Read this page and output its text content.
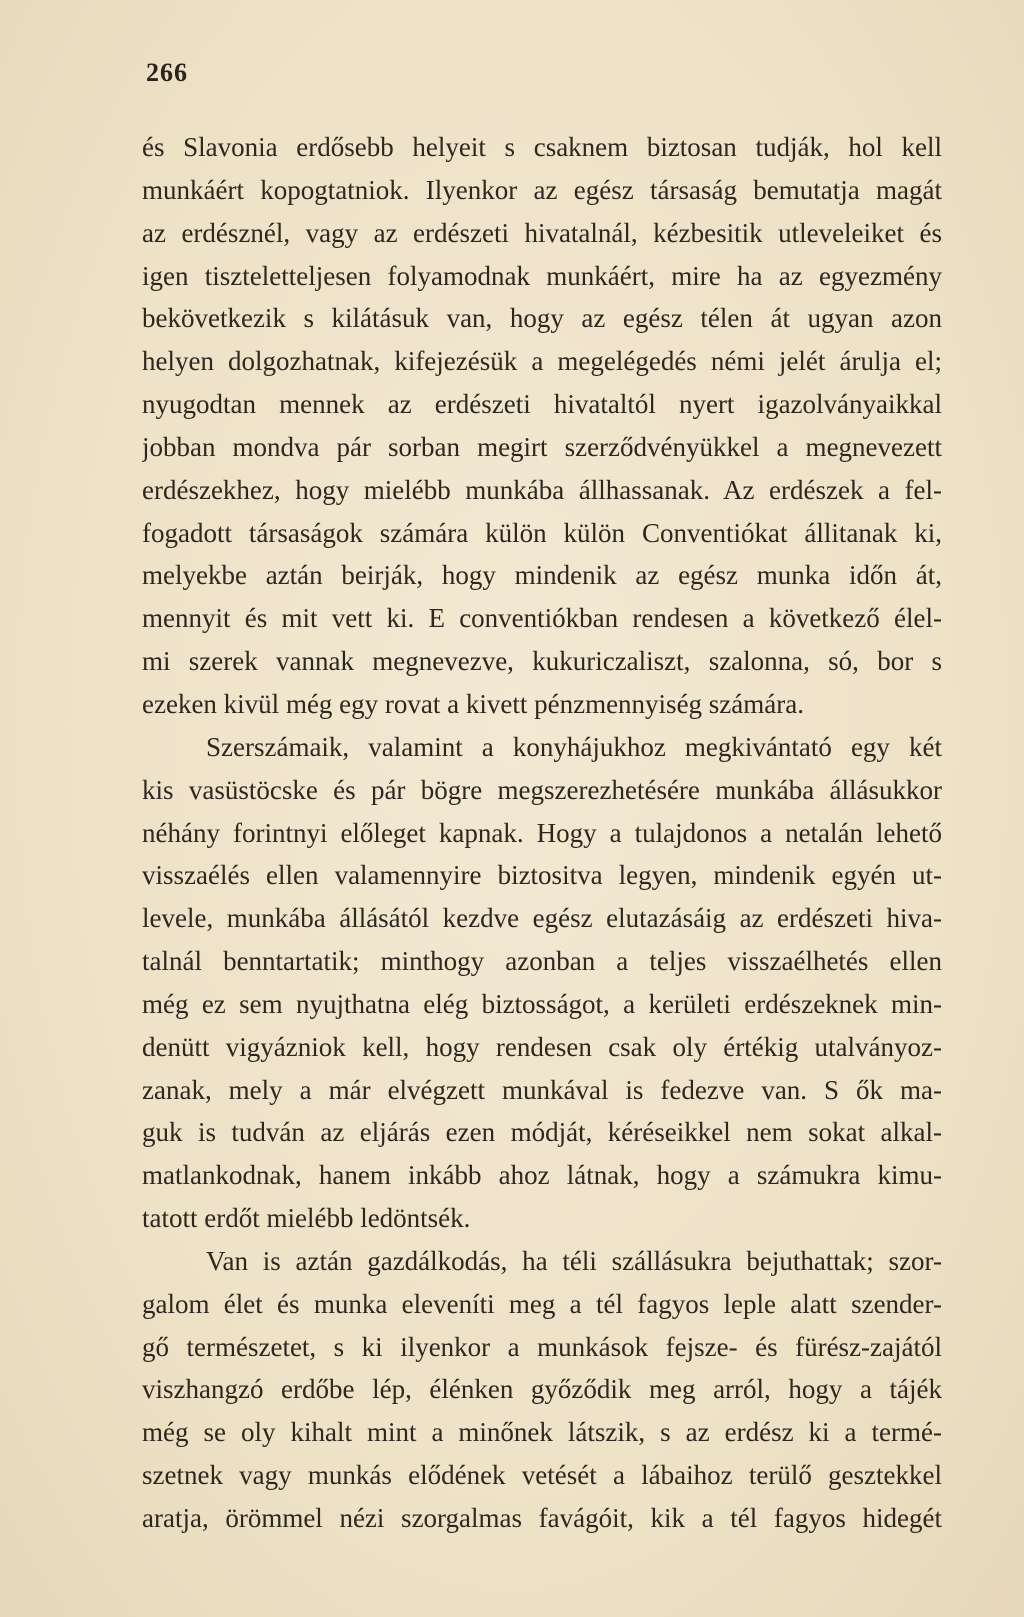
266
és Slavonia erdősebb helyeit s csaknem biztosan tudják, hol kell
munkáért kopogtatniok. Ilyenkor az egész társaság bemutatja magát
az erdésznél, vagy az erdészeti hivatalnál, kézbesitik utleveleiket és
igen tiszteletteljesen folyamodnak munkáért, mire ha az egyezmény
bekövetkezik s kilátásuk van, hogy az egész télen át ugyan azon
helyen dolgozhatnak, kifejezésük a megelégedés némi jelét árulja el;
nyugodtan mennek az erdészeti hivataltól nyert igazolványaikkal
jobban mondva pár sorban megirt szerződvényükkel a megnevezett
erdészekhez, hogy mielébb munkába állhassanak. Az erdészek a fel-
fogadott társaságok számára külön külön Conventiókat állitanak ki,
melyekbe aztán beirják, hogy mindenik az egész munka időn át,
mennyit és mit vett ki. E conventiókban rendesen a következő élel-
mi szerek vannak megnevezve, kukuriczaliszt, szalonna, só, bor s
ezeken kivül még egy rovat a kivett pénzmennyiség számára.
Szerszámaik, valamint a konyhájukhoz megkivántató egy két
kis vasüstöcske és pár bögre megszerezhetésére munkába állásukkor
néhány forintnyi előleget kapnak. Hogy a tulajdonos a netalán lehető
visszaélés ellen valamennyire biztositva legyen, mindenik egyén ut-
levele, munkába állásától kezdve egész elutazásáig az erdészeti hiva-
talnál benntartatik; minthogy azonban a teljes visszaélhetés ellen
még ez sem nyujthatna elég biztosságot, a kerületi erdészeknek min-
denütt vigyázniok kell, hogy rendesen csak oly értékig utalványoz-
zanak, mely a már elvégzett munkával is fedezve van. S ők ma-
guk is tudván az eljárás ezen módját, kéréseikkel nem sokat alkal-
matlankodnak, hanem inkább ahoz látnak, hogy a számukra kimu-
tatott erdőt mielébb ledöntsék.
Van is aztán gazdálkodás, ha téli szállásukra bejuthattak; szor-
galom élet és munka eleveníti meg a tél fagyos leple alatt szender-
gő természetet, s ki ilyenkor a munkások fejsze- és fürész-zajától
viszhangzó erdőbe lép, élénken győződik meg arról, hogy a tájék
még se oly kihalt mint a minőnek látszik, s az erdész ki a termé-
szetnek vagy munkás elődének vetését a lábaihoz terülő gesztekkel
aratja, örömmel nézi szorgalmas favágóit, kik a tél fagyos hidegét
